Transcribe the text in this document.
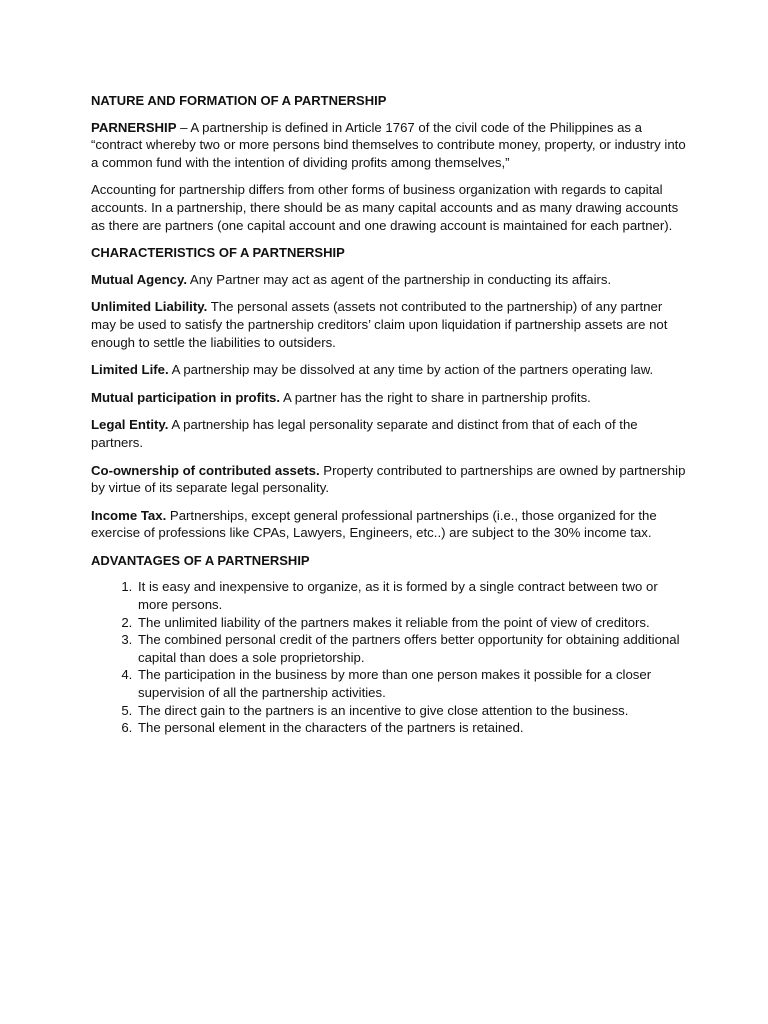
NATURE AND FORMATION OF A PARTNERSHIP

PARNERSHIP – A partnership is defined in Article 1767 of the civil code of the Philippines as a “contract whereby two or more persons bind themselves to contribute money, property, or industry into a common fund with the intention of dividing profits among themselves,”

Accounting for partnership differs from other forms of business organization with regards to capital accounts. In a partnership, there should be as many capital accounts and as many drawing accounts as there are partners (one capital account and one drawing account is maintained for each partner).

CHARACTERISTICS OF A PARTNERSHIP

Mutual Agency. Any Partner may act as agent of the partnership in conducting its affairs.

Unlimited Liability. The personal assets (assets not contributed to the partnership) of any partner may be used to satisfy the partnership creditors’ claim upon liquidation if partnership assets are not enough to settle the liabilities to outsiders.

Limited Life. A partnership may be dissolved at any time by action of the partners operating law.

Mutual participation in profits. A partner has the right to share in partnership profits.

Legal Entity. A partnership has legal personality separate and distinct from that of each of the partners.

Co-ownership of contributed assets. Property contributed to partnerships are owned by partnership by virtue of its separate legal personality.

Income Tax. Partnerships, except general professional partnerships (i.e., those organized for the exercise of professions like CPAs, Lawyers, Engineers, etc..) are subject to the 30% income tax.

ADVANTAGES OF A PARTNERSHIP
1. It is easy and inexpensive to organize, as it is formed by a single contract between two or more persons.
2. The unlimited liability of the partners makes it reliable from the point of view of creditors.
3. The combined personal credit of the partners offers better opportunity for obtaining additional capital than does a sole proprietorship.
4. The participation in the business by more than one person makes it possible for a closer supervision of all the partnership activities.
5. The direct gain to the partners is an incentive to give close attention to the business.
6. The personal element in the characters of the partners is retained.
